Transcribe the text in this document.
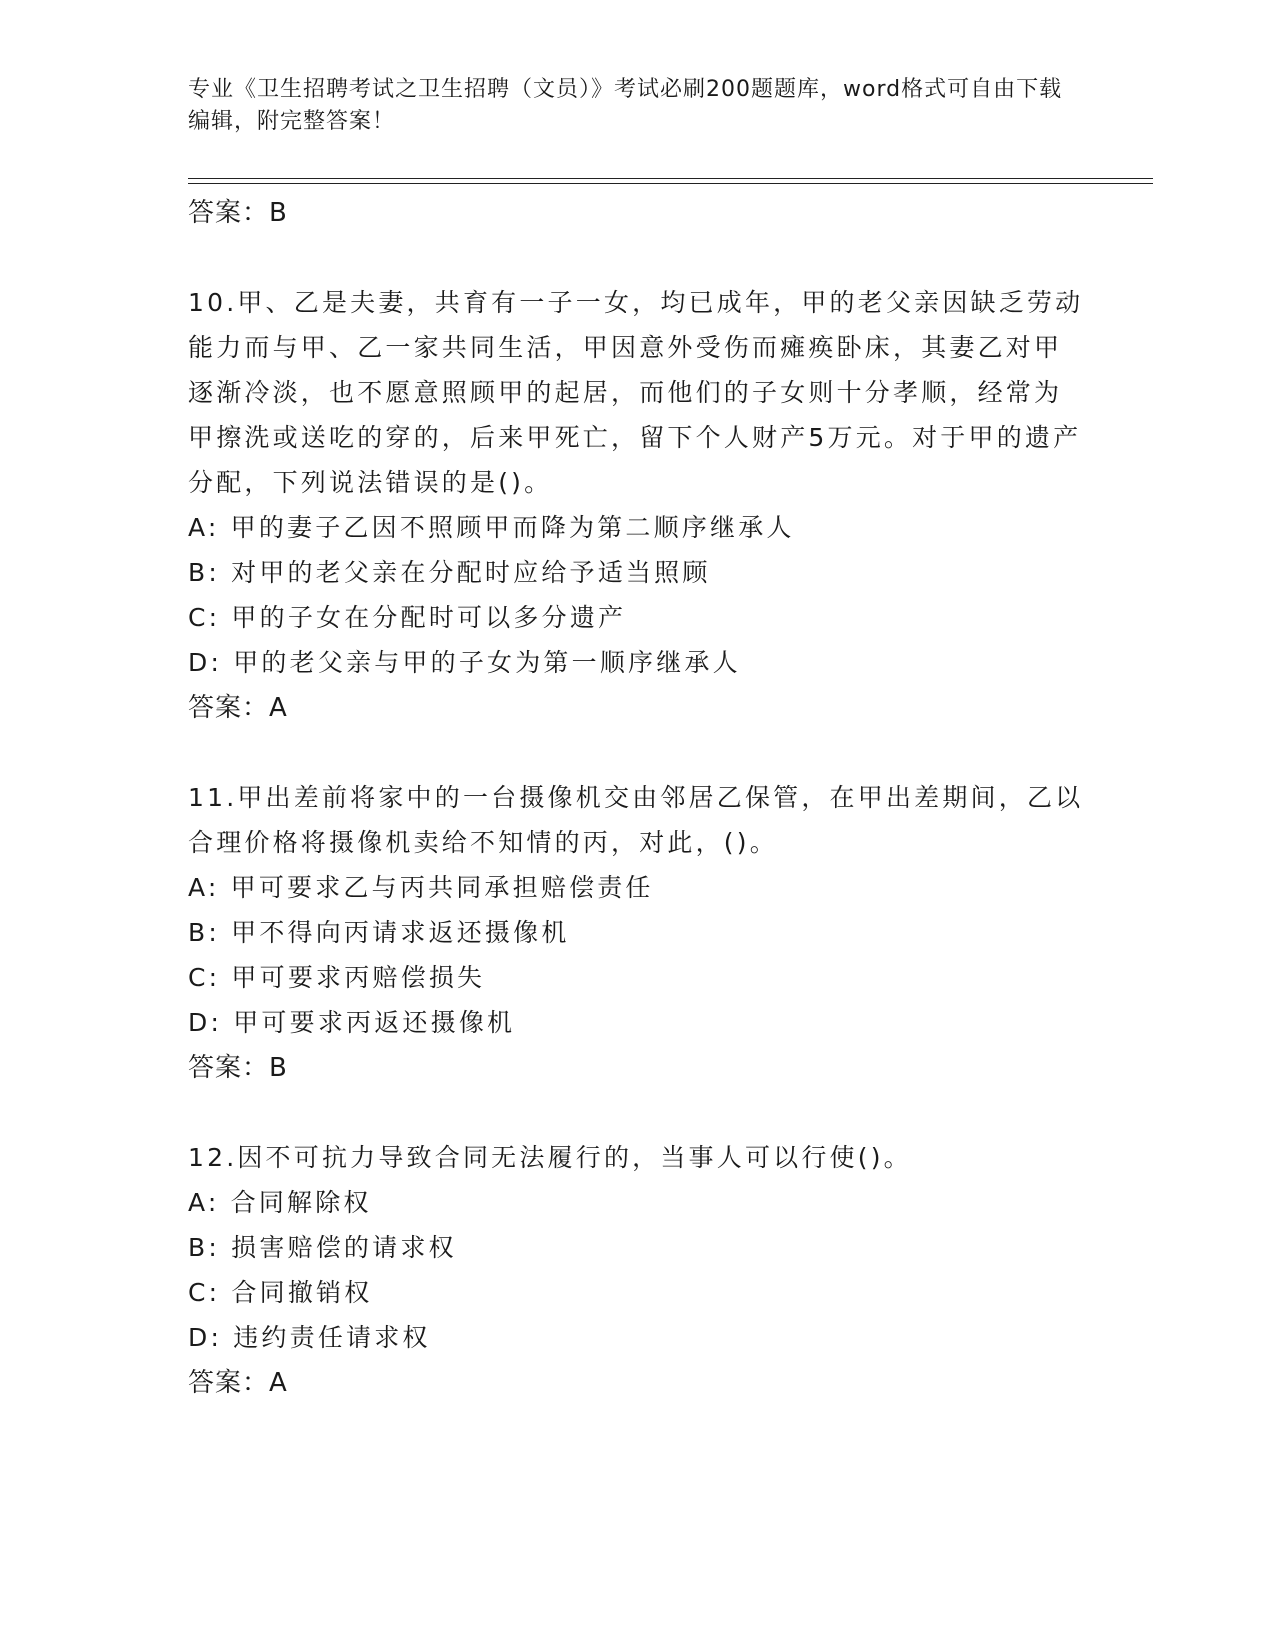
专业《卫生招聘考试之卫生招聘（文员）》考试必刷200题题库，word格式可自由下载编辑，附完整答案！
答案：B

10.甲、乙是夫妻，共育有一子一女，均已成年，甲的老父亲因缺乏劳动能力而与甲、乙一家共同生活，甲因意外受伤而瘫痪卧床，其妻乙对甲逐渐冷淡，也不愿意照顾甲的起居，而他们的子女则十分孝顺，经常为甲擦洗或送吃的穿的，后来甲死亡，留下个人财产5万元。对于甲的遗产分配，下列说法错误的是()。

A: 甲的妻子乙因不照顾甲而降为第二顺序继承人

B: 对甲的老父亲在分配时应给予适当照顾

C: 甲的子女在分配时可以多分遗产

D: 甲的老父亲与甲的子女为第一顺序继承人

答案：A

11.甲出差前将家中的一台摄像机交由邻居乙保管，在甲出差期间，乙以合理价格将摄像机卖给不知情的丙，对此，()。

A: 甲可要求乙与丙共同承担赔偿责任

B: 甲不得向丙请求返还摄像机

C: 甲可要求丙赔偿损失

D: 甲可要求丙返还摄像机

答案：B

12.因不可抗力导致合同无法履行的，当事人可以行使()。

A: 合同解除权

B: 损害赔偿的请求权

C: 合同撤销权

D: 违约责任请求权

答案：A
